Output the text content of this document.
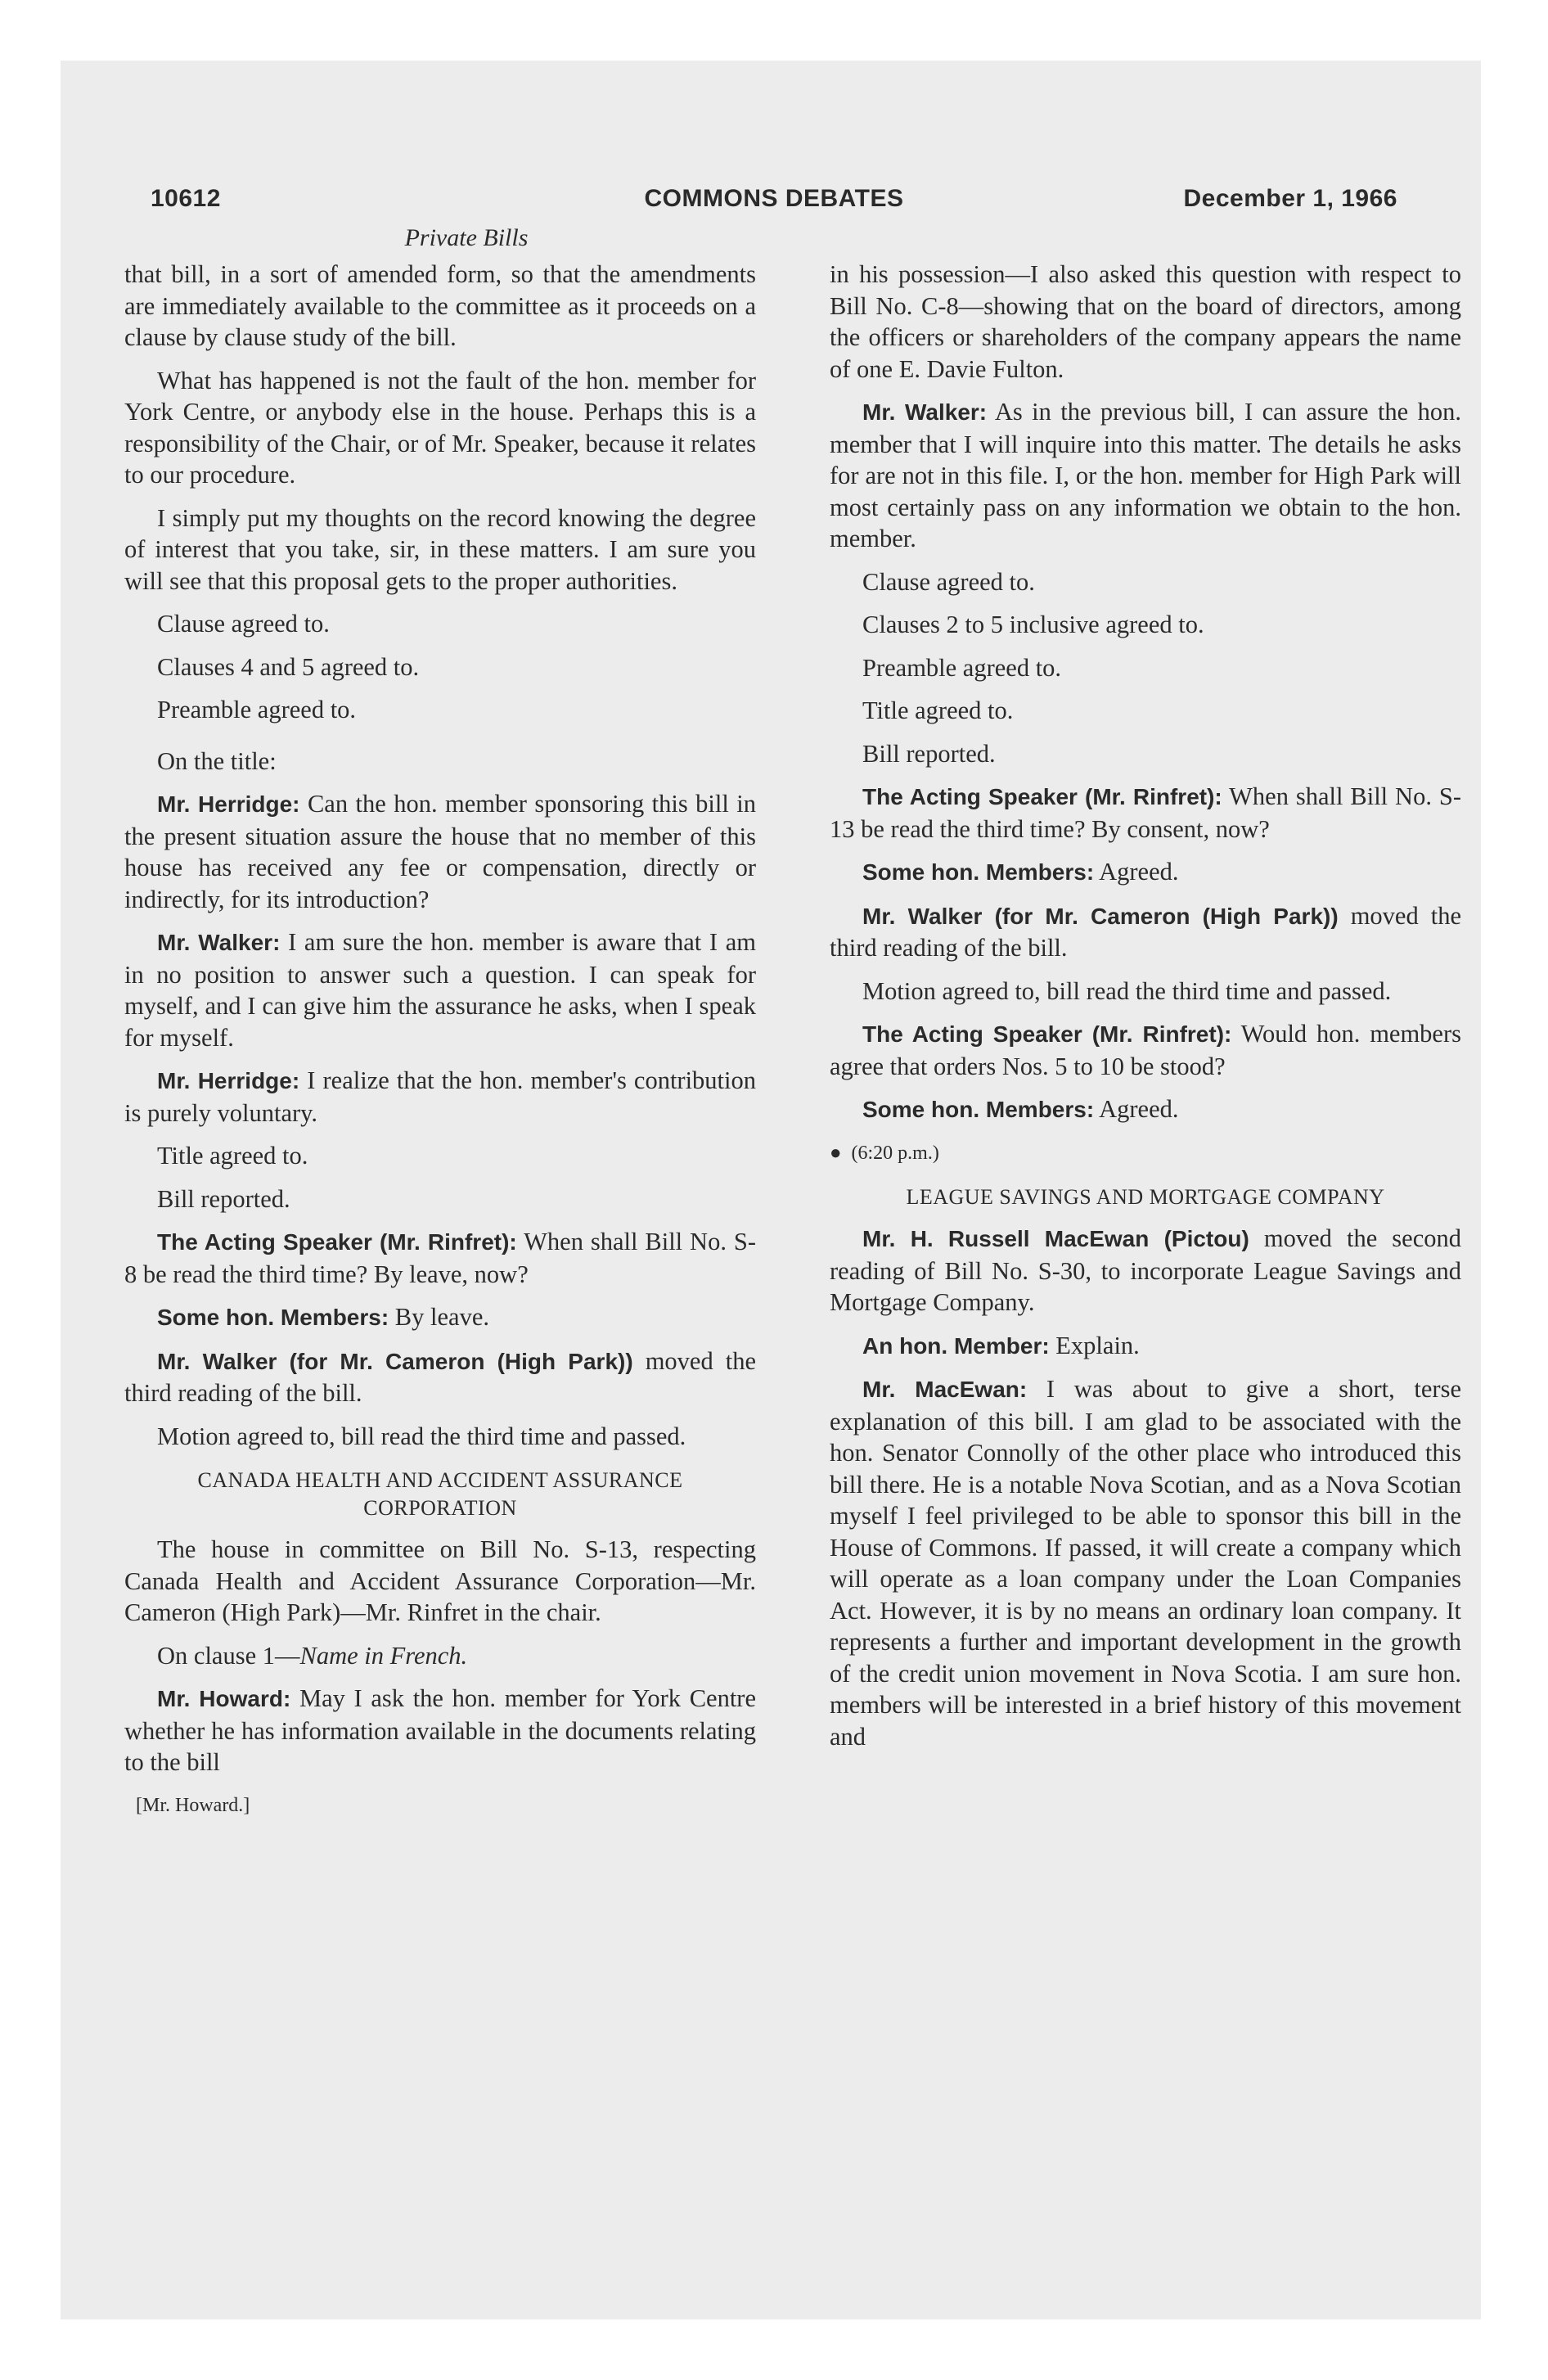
10612	COMMONS DEBATES	December 1, 1966
Private Bills

that bill, in a sort of amended form, so that the amendments are immediately available to the committee as it proceeds on a clause by clause study of the bill.

What has happened is not the fault of the hon. member for York Centre, or anybody else in the house. Perhaps this is a responsibility of the Chair, or of Mr. Speaker, because it relates to our procedure.

I simply put my thoughts on the record knowing the degree of interest that you take, sir, in these matters. I am sure you will see that this proposal gets to the proper authorities.

Clause agreed to.

Clauses 4 and 5 agreed to.

Preamble agreed to.

On the title:

Mr. Herridge: Can the hon. member sponsoring this bill in the present situation assure the house that no member of this house has received any fee or compensation, directly or indirectly, for its introduction?

Mr. Walker: I am sure the hon. member is aware that I am in no position to answer such a question. I can speak for myself, and I can give him the assurance he asks, when I speak for myself.

Mr. Herridge: I realize that the hon. member's contribution is purely voluntary.

Title agreed to.

Bill reported.

The Acting Speaker (Mr. Rinfret): When shall Bill No. S-8 be read the third time? By leave, now?

Some hon. Members: By leave.

Mr. Walker (for Mr. Cameron (High Park)) moved the third reading of the bill.

Motion agreed to, bill read the third time and passed.

CANADA HEALTH AND ACCIDENT ASSURANCE CORPORATION

The house in committee on Bill No. S-13, respecting Canada Health and Accident Assurance Corporation—Mr. Cameron (High Park)—Mr. Rinfret in the chair.

On clause 1—Name in French.

Mr. Howard: May I ask the hon. member for York Centre whether he has information available in the documents relating to the bill

[Mr. Howard.]

in his possession—I also asked this question with respect to Bill No. C-8—showing that on the board of directors, among the officers or shareholders of the company appears the name of one E. Davie Fulton.

Mr. Walker: As in the previous bill, I can assure the hon. member that I will inquire into this matter. The details he asks for are not in this file. I, or the hon. member for High Park will most certainly pass on any information we obtain to the hon. member.

Clause agreed to.

Clauses 2 to 5 inclusive agreed to.

Preamble agreed to.

Title agreed to.

Bill reported.

The Acting Speaker (Mr. Rinfret): When shall Bill No. S-13 be read the third time? By consent, now?

Some hon. Members: Agreed.

Mr. Walker (for Mr. Cameron (High Park)) moved the third reading of the bill.

Motion agreed to, bill read the third time and passed.

The Acting Speaker (Mr. Rinfret): Would hon. members agree that orders Nos. 5 to 10 be stood?

Some hon. Members: Agreed.

●  (6:20 p.m.)
LEAGUE SAVINGS AND MORTGAGE COMPANY

Mr. H. Russell MacEwan (Pictou) moved the second reading of Bill No. S-30, to incorporate League Savings and Mortgage Company.

An hon. Member: Explain.

Mr. MacEwan: I was about to give a short, terse explanation of this bill. I am glad to be associated with the hon. Senator Connolly of the other place who introduced this bill there. He is a notable Nova Scotian, and as a Nova Scotian myself I feel privileged to be able to sponsor this bill in the House of Commons. If passed, it will create a company which will operate as a loan company under the Loan Companies Act. However, it is by no means an ordinary loan company. It represents a further and important development in the growth of the credit union movement in Nova Scotia. I am sure hon. members will be interested in a brief history of this movement and
